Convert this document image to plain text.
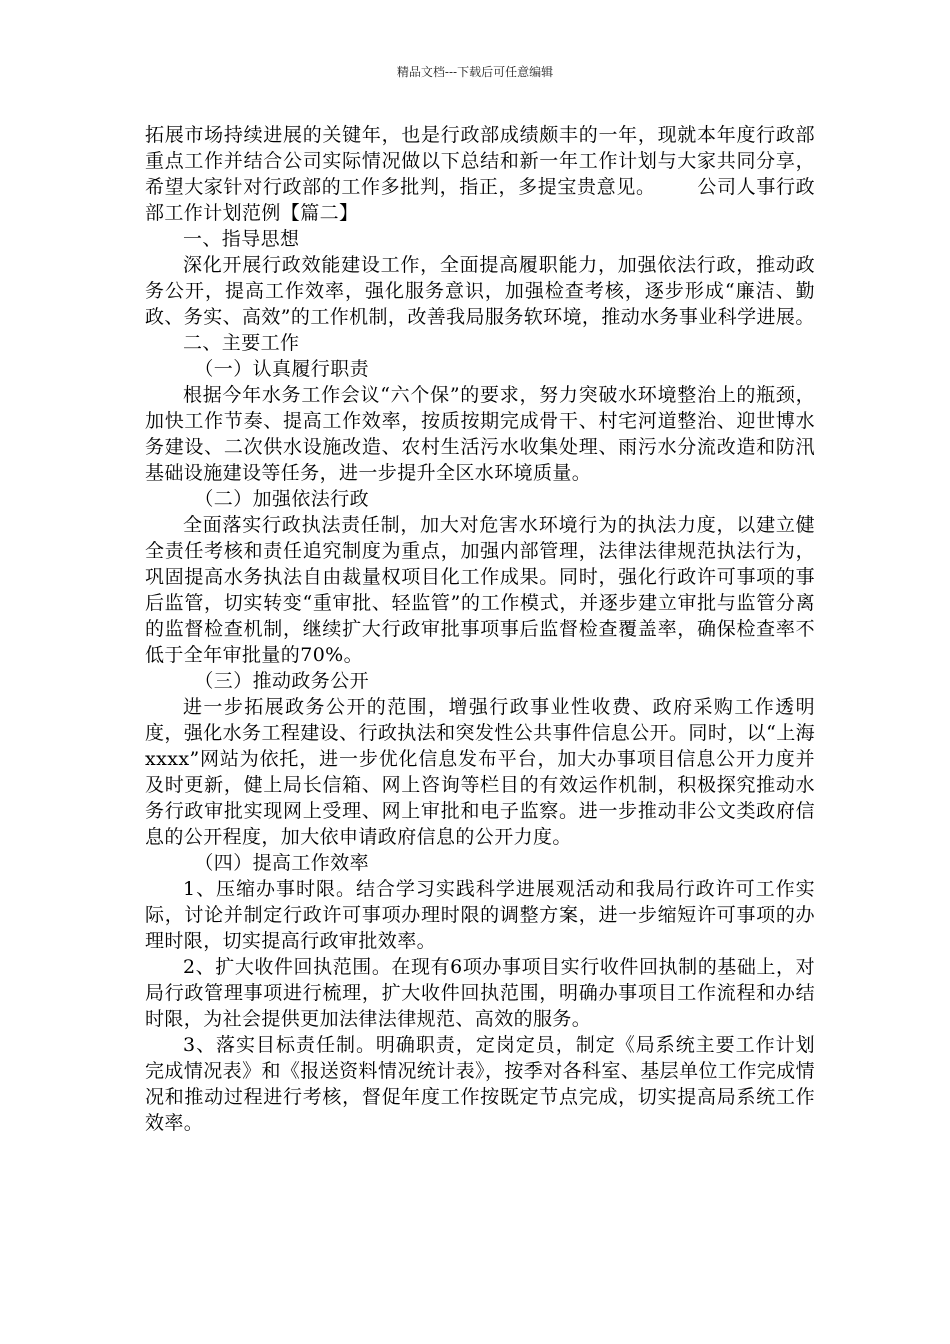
精品文档---下载后可任意编辑

拓展市场持续进展的关键年，也是行政部成绩颇丰的一年，现就本年度行政部重点工作并结合公司实际情况做以下总结和新一年工作计划与大家共同分享，希望大家针对行政部的工作多批判，指正，多提宝贵意见。 公司人事行政部工作计划范例【篇二】

一、指导思想

深化开展行政效能建设工作，全面提高履职能力，加强依法行政，推动政务公开，提高工作效率，强化服务意识，加强检查考核，逐步形成“廉洁、勤政、务实、高效”的工作机制，改善我局服务软环境，推动水务事业科学进展。

二、主要工作

（一）认真履行职责

根据今年水务工作会议“六个保”的要求，努力突破水环境整治上的瓶颈，加快工作节奏、提高工作效率，按质按期完成骨干、村宅河道整治、迎世博水务建设、二次供水设施改造、农村生活污水收集处理、雨污水分流改造和防汛基础设施建设等任务，进一步提升全区水环境质量。

（二）加强依法行政

全面落实行政执法责任制，加大对危害水环境行为的执法力度，以建立健全责任考核和责任追究制度为重点，加强内部管理，法律法律规范执法行为，巩固提高水务执法自由裁量权项目化工作成果。同时，强化行政许可事项的事后监管，切实转变“重审批、轻监管”的工作模式，并逐步建立审批与监管分离的监督检查机制，继续扩大行政审批事项事后监督检查覆盖率，确保检查率不低于全年审批量的70%。

（三）推动政务公开

进一步拓展政务公开的范围，增强行政事业性收费、政府采购工作透明度，强化水务工程建设、行政执法和突发性公共事件信息公开。同时，以“上海xxxx”网站为依托，进一步优化信息发布平台，加大办事项目信息公开力度并及时更新，健上局长信箱、网上咨询等栏目的有效运作机制，积极探究推动水务行政审批实现网上受理、网上审批和电子监察。进一步推动非公文类政府信息的公开程度，加大依申请政府信息的公开力度。

（四）提高工作效率

1、压缩办事时限。结合学习实践科学进展观活动和我局行政许可工作实际，讨论并制定行政许可事项办理时限的调整方案，进一步缩短许可事项的办理时限，切实提高行政审批效率。

2、扩大收件回执范围。在现有6项办事项目实行收件回执制的基础上，对局行政管理事项进行梳理，扩大收件回执范围，明确办事项目工作流程和办结时限，为社会提供更加法律法律规范、高效的服务。

3、落实目标责任制。明确职责，定岗定员，制定《局系统主要工作计划完成情况表》和《报送资料情况统计表》，按季对各科室、基层单位工作完成情况和推动过程进行考核，督促年度工作按既定节点完成，切实提高局系统工作效率。
